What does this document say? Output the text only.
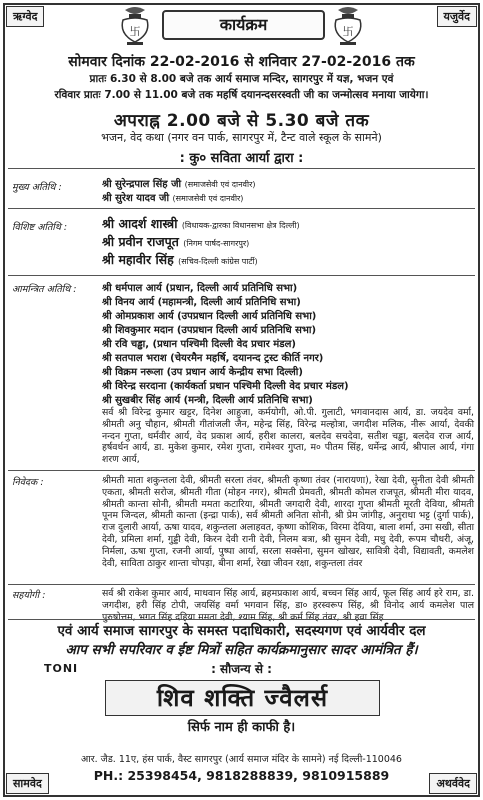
ऋग्वेद	यजुर्वेद
卐	कार्यक्रम	卐
सोमवार दिनांक 22-02-2016 से शनिवार 27-02-2016 तक
प्रातः 6.30 से 8.00 बजे तक आर्य समाज मन्दिर, सागरपुर में यज्ञ, भजन एवं
रविवार प्रातः 7.00 से 11.00 बजे तक महर्षि दयानन्दसरस्वती जी का जन्मोत्सव मनाया जायेगा।
अपराह्न 2.00 बजे से 5.30 बजे तक
भजन, वेद कथा (नगर वन पार्क, सागरपुर में, टैन्ट वाले स्कूल के सामने)
: कु० सविता आर्या द्वारा :
मुख्य अतिथि :	श्री सुरेन्द्रपाल सिंह जी (समाजसेवी एवं दानवीर)
श्री सुरेश यादव जी (समाजसेवी एवं दानवीर)
विशिष्ट अतिथि :	श्री आदर्श शास्त्री (विधायक-द्वारका विधानसभा क्षेत्र दिल्ली)
श्री प्रवीन राजपूत (निगम पार्षद-सागरपुर)
श्री महावीर सिंह (सचिव-दिल्ली कांग्रेस पार्टी)
आमन्त्रित अतिथि :	श्री धर्मपाल आर्य (प्रधान, दिल्ली आर्य प्रतिनिधि सभा)
श्री विनय आर्य (महामन्त्री, दिल्ली आर्य प्रतिनिधि सभा)
श्री ओमप्रकाश आर्य (उपप्रधान दिल्ली आर्य प्रतिनिधि सभा)
श्री शिवकुमार मदान (उपप्रधान दिल्ली आर्य प्रतिनिधि सभा)
श्री रवि चड्ढा, (प्रधान पश्चिमी दिल्ली वेद प्रचार मंडल)
श्री सतपाल भराश (चेयरमैन महर्षि, दयानन्द ट्रस्ट कीर्ति नगर)
श्री विक्रम नरूला (उप प्रधान आर्य केन्द्रीय सभा दिल्ली)
श्री विरेन्द्र सरदाना (कार्यकर्ता प्रधान पश्चिमी दिल्ली वेद प्रचार मंडल)
श्री सुखबीर सिंह आर्य (मन्त्री, दिल्ली आर्य प्रतिनिधि सभा)
सर्व श्री विरेन्द्र कुमार खट्टर, दिनेश आहुजा, कर्मयोगी, ओ.पी. गुलाटी, भगवानदास आर्य, डा. जयदेव वर्मा, श्रीमती अनु चौहान, श्रीमती गीतांजली जैन, महेन्द्र सिंह, विरेन्द्र मल्होत्रा, जगदीश मलिक, नीरू आर्या, देवकी नन्दन गुप्ता, धर्मवीर आर्य, वेद प्रकाश आर्य, हरीश कालरा, बलदेव सचदेवा, सतीश चड्ढा, बलदेव राज आर्य, हर्षवर्धन आर्य, डा. मुकेश कुमार, रमेश गुप्ता, रामेश्वर गुप्ता, म० पीतम सिंह, धर्मेन्द्र आर्य, श्रीपाल आर्य, गंगा शरण आर्य,
निवेदक :	श्रीमती माता शकुन्तला देवी, श्रीमती सरला तंवर, श्रीमती कृष्णा तंवर (नारायणा), रेखा देवी, सुनीता देवी श्रीमती एकता, श्रीमती सरोज, श्रीमती गीता (मोहन नगर), श्रीमती प्रेमवती, श्रीमती कोमल राजपूत, श्रीमती मीरा यादव, श्रीमती कान्ता सोनी, श्रीमती ममता कटारिया, श्रीमती जगदारी देवी, शारदा गुप्ता श्रीमती मूरती देविया, श्रीमती पूनम जिन्दल, श्रीमती कान्ता (इन्द्रा पार्क), सर्व श्रीमती अनिता सोनी, श्री प्रेम जांगीड़, अनुराधा भट्ट (दुर्गा पार्क), राज दुलारी आर्या, ऊषा यादव, शकुन्तला अलाहवत, कृष्णा कोशिक, विरमा देविया, बाला शर्मा, उमा सखी, सीता देवी, प्रमिला शर्मा, गुड्डी देवी, किरन देवी रानी देवी, निलम बत्रा, श्री सुमन देवी, मधु देवी, रूपम चौधरी, अंजू, निर्मला, ऊषा गुप्ता, रजनी आर्या, पुष्पा आर्या, सरला सक्सेना, सुमन खोखर, सावित्री देवी, विद्यावती, कमलेश देवी, साविता ठाकुर शान्ता चोपड़ा, बीना शर्मा, रेखा जीवन रक्षा, शकुन्तला तंवर
सहयोगी :	सर्व श्री राकेश कुमार आर्य, माधवान सिंह आर्य, ब्रहमप्रकाश आर्य, बच्चन सिंह आर्य, फूल सिंह आर्य हरे राम, डा. जगदीश, हरी सिंह टोपी, जयसिंह वर्मा भगवान सिंह, डा० हरस्वरूप सिंह, श्री विनोद आर्य कमलेश पाल पुरुषोत्तम, भगत सिंह दहिया ममता देवी, श्याम सिंह, श्री कर्म सिंह तंवर, श्री हवा सिंह
एवं आर्य समाज सागरपुर के समस्त पदाधिकारी, सदस्यगण एवं आर्यवीर दल
आप सभी सपरिवार व ईष्ट मित्रों सहित कार्यक्रमानुसार सादर आमंत्रित हैं।
TONI	: सौजन्य से :
शिव शक्ति ज्वैलर्स
सिर्फ नाम ही काफी है।
आर. जैड. 11ए, हंस पार्क, वैस्ट सागरपुर (आर्य समाज मंदिर के सामने) नई दिल्ली-110046
PH.: 25398454, 9818288839, 9810915889
सामवेद	अथर्ववेद
